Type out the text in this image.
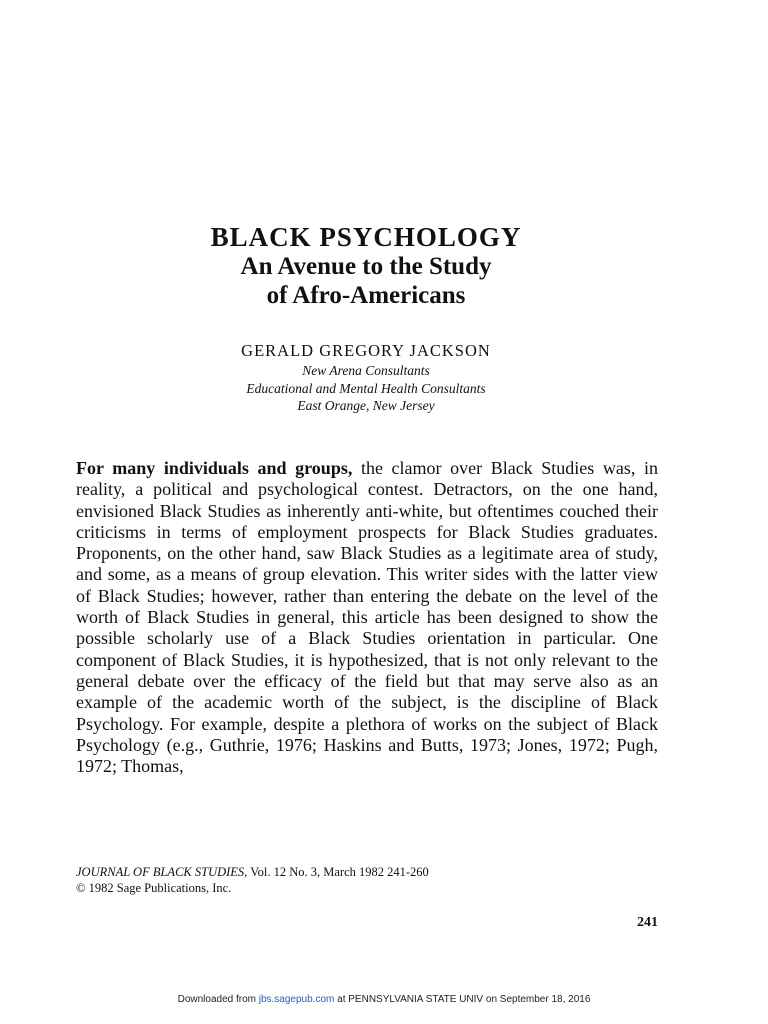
BLACK PSYCHOLOGY
An Avenue to the Study
of Afro-Americans
GERALD GREGORY JACKSON
New Arena Consultants
Educational and Mental Health Consultants
East Orange, New Jersey

For many individuals and groups, the clamor over Black Studies was, in reality, a political and psychological contest. Detractors, on the one hand, envisioned Black Studies as inherently anti-white, but oftentimes couched their criticisms in terms of employment prospects for Black Studies graduates. Proponents, on the other hand, saw Black Studies as a legitimate area of study, and some, as a means of group elevation. This writer sides with the latter view of Black Studies; however, rather than entering the debate on the level of the worth of Black Studies in general, this article has been designed to show the possible scholarly use of a Black Studies orientation in particular. One component of Black Studies, it is hypothesized, that is not only relevant to the general debate over the efficacy of the field but that may serve also as an example of the academic worth of the subject, is the discipline of Black Psychology. For example, despite a plethora of works on the subject of Black Psychology (e.g., Guthrie, 1976; Haskins and Butts, 1973; Jones, 1972; Pugh, 1972; Thomas,

JOURNAL OF BLACK STUDIES, Vol. 12 No. 3, March 1982 241-260
© 1982 Sage Publications, Inc.
241
Downloaded from jbs.sagepub.com at PENNSYLVANIA STATE UNIV on September 18, 2016
